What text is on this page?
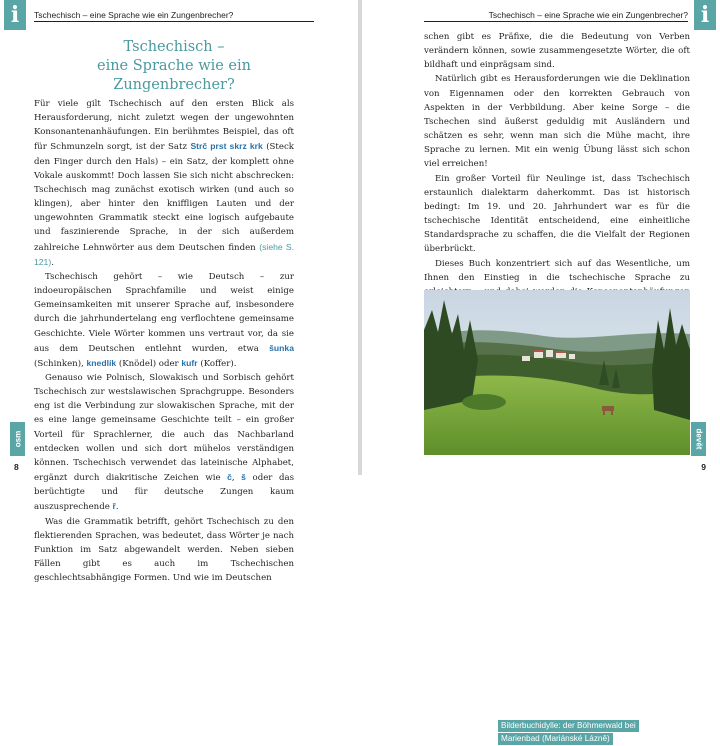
i	Tschechisch – eine Sprache wie ein Zungenbrecher?
Tschechisch –
eine Sprache wie ein Zungenbrecher?

Für viele gilt Tschechisch auf den ersten Blick als Herausforderung, nicht zuletzt wegen der ungewohnten Konsonantenanhäufungen. Ein berühmtes Beispiel, das oft für Schmunzeln sorgt, ist der Satz Strč prst skrz krk (Steck den Finger durch den Hals) – ein Satz, der komplett ohne Vokale auskommt! Doch lassen Sie sich nicht abschrecken: Tschechisch mag zunächst exotisch wirken (und auch so klingen), aber hinter den kniffligen Lauten und der ungewohnten Grammatik steckt eine logisch aufgebaute und faszinierende Sprache, in der sich außerdem zahlreiche Lehnwörter aus dem Deutschen finden (siehe S. 121).

Tschechisch gehört – wie Deutsch – zur indoeuropäischen Sprachfamilie und weist einige Gemeinsamkeiten mit unserer Sprache auf, insbesondere durch die jahrhundertelang eng verflochtene gemeinsame Geschichte. Viele Wörter kommen uns vertraut vor, da sie aus dem Deutschen entlehnt wurden, etwa šunka (Schinken), knedlík (Knödel) oder kufr (Koffer).

Genauso wie Polnisch, Slowakisch und Sorbisch gehört Tschechisch zur westslawischen Sprachgruppe. Besonders eng ist die Verbindung zur slowakischen Sprache, mit der es eine lange gemeinsame Geschichte teilt – ein großer Vorteil für Sprachlerner, die auch das Nachbarland entdecken wollen und sich dort mühelos verständigen können. Tschechisch verwendet das lateinische Alphabet, ergänzt durch diakritische Zeichen wie č, š oder das berüchtigte und für deutsche Zungen kaum auszusprechende ř.

Was die Grammatik betrifft, gehört Tschechisch zu den flektierenden Sprachen, was bedeutet, dass Wörter je nach Funktion im Satz abgewandelt werden. Neben sieben Fällen gibt es auch im Tschechischen geschlechtsabhängige Formen. Und wie im Deutschen

osm
8
i
Tschechisch – eine Sprache wie ein Zungenbrecher?

schen gibt es Präfixe, die die Bedeutung von Verben verändern können, sowie zusammengesetzte Wörter, die oft bildhaft und einprägsam sind.

Natürlich gibt es Herausforderungen wie die Deklination von Eigennamen oder den korrekten Gebrauch von Aspekten in der Verbbildung. Aber keine Sorge – die Tschechen sind äußerst geduldig mit Ausländern und schätzen es sehr, wenn man sich die Mühe macht, ihre Sprache zu lernen. Mit ein wenig Übung lässt sich schon viel erreichen!

Ein großer Vorteil für Neulinge ist, dass Tschechisch erstaunlich dialektarm daherkommt. Das ist historisch bedingt: Im 19. und 20. Jahrhundert war es für die tschechische Identität entscheidend, eine einheitliche Standardsprache zu schaffen, die die Vielfalt der Regionen überbrückt.

Dieses Buch konzentriert sich auf das Wesentliche, um Ihnen den Einstieg in die tschechische Sprache zu

Bilderbuchidylle: der Böhmerwald bei
Marienbad (Mariánské Lázně)
devět
9
